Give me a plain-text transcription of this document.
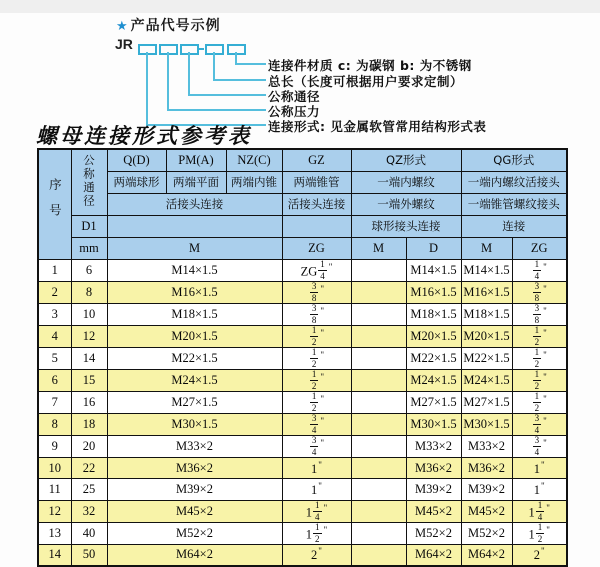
★ 产品代号示例
JR
连接件材质 c: 为碳钢 b: 为不锈钢
总长（长度可根据用户要求定制）
公称通径
公称压力
连接形式: 见金属软管常用结构形式表
螺母连接形式参考表
序号	公称通径	Q(D)	PM(A)	NZ(C)	GZ	QZ形式		QG形式	
		两端球形	两端平面	两端内锥	两端锥管	一端内螺纹		一端内螺纹活接头	
		活接头连接			活接头连接	一端外螺纹		一端锥管螺纹接头	
	D1					球形接头连接		连接	
	mm	M			ZG	M	D	M	ZG
1	6	M14×1.5			ZG $\frac{1}{4} ^"$		M14×1.5	M14×1.5	$\frac{1}{4} ^"$
2	8	M16×1.5			$\frac{3}{8} ^"$		M16×1.5	M16×1.5	$\frac{3}{8} ^"$
3	10	M18×1.5			$\frac{3}{8} ^"$		M18×1.5	M18×1.5	$\frac{3}{8} ^"$
4	12	M20×1.5			$\frac{1}{2} ^"$		M20×1.5	M20×1.5	$\frac{1}{2} ^"$
5	14	M22×1.5			$\frac{1}{2} ^"$		M22×1.5	M22×1.5	$\frac{1}{2} ^"$
6	15	M24×1.5			$\frac{1}{2} ^"$		M24×1.5	M24×1.5	$\frac{1}{2} ^"$
7	16	M27×1.5			$\frac{1}{2} ^"$		M27×1.5	M27×1.5	$\frac{1}{2} ^"$
8	18	M30×1.5			$\frac{3}{4} ^"$		M30×1.5	M30×1.5	$\frac{3}{4} ^"$
9	20	M33×2			$\frac{3}{4} ^"$		M33×2	M33×2	$\frac{3}{4} ^"$
10	22	M36×2			1"		M36×2	M36×2	1"
11	25	M39×2			1"		M39×2	M39×2	1"
12	32	M45×2			$1 \frac{1}{4} ^"$		M45×2	M45×2	$1 \frac{1}{4} ^"$
13	40	M52×2			$1 \frac{1}{2} ^"$		M52×2	M52×2	$1 \frac{1}{2} ^"$
14	50	M64×2			2"		M64×2	M64×2	2"
